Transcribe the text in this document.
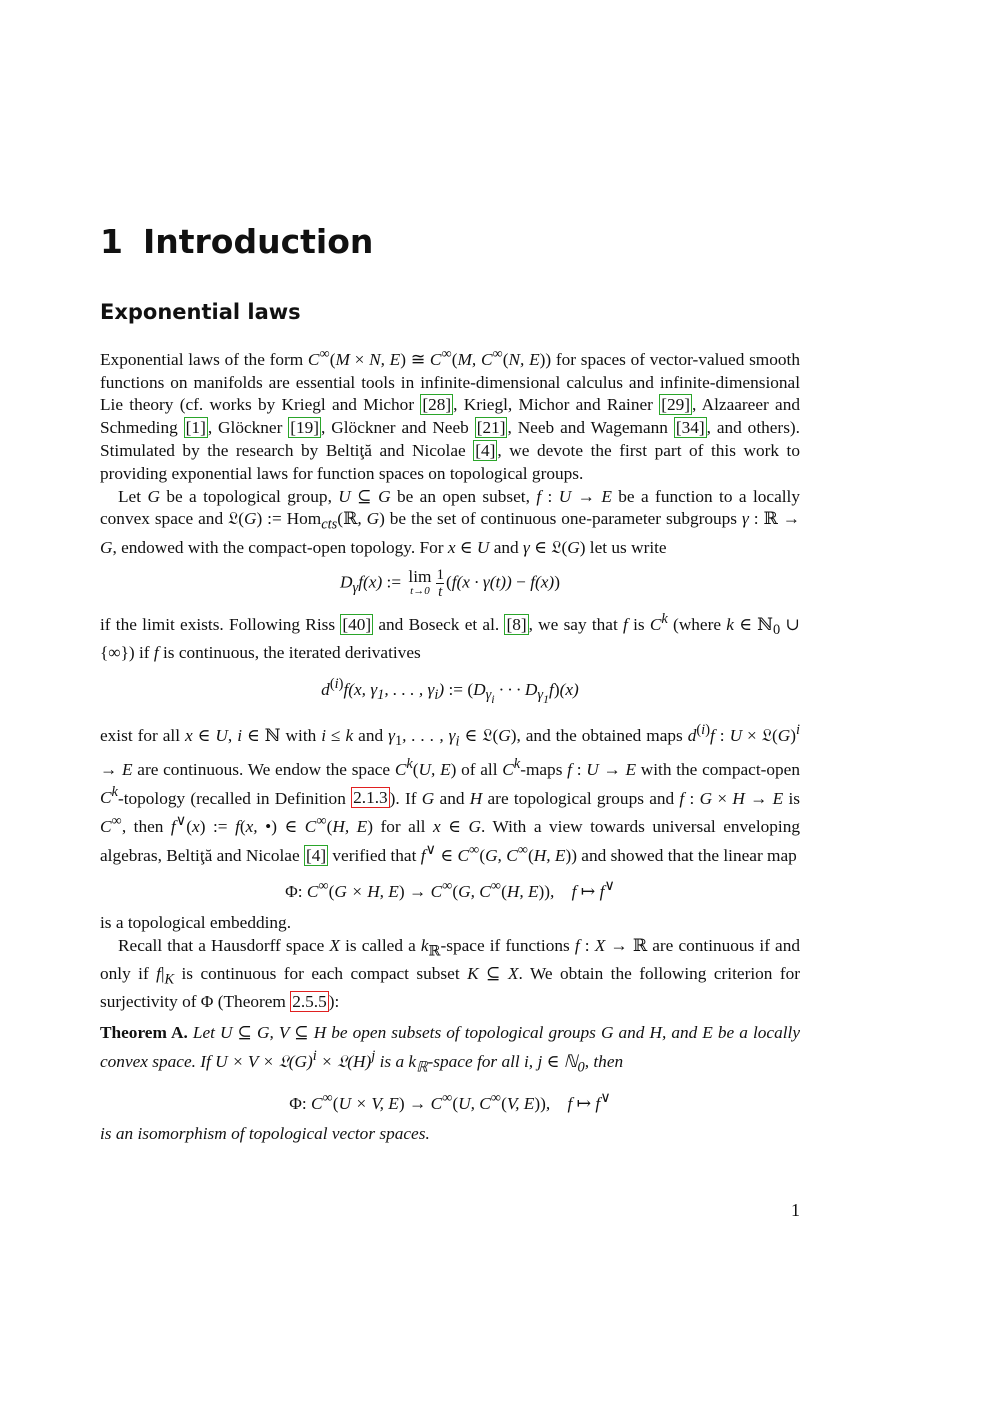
1 Introduction
Exponential laws

Exponential laws of the form C∞(M × N, E) ≅ C∞(M, C∞(N, E)) for spaces of vector-valued smooth functions on manifolds are essential tools in infinite-dimensional calculus and infinite-dimensional Lie theory (cf. works by Kriegl and Michor [28] , Kriegl, Michor and Rainer [29] , Alzaareer and Schmeding [1] , Glöckner [19] , Glöckner and Neeb [21] , Neeb and Wagemann [34] , and others). Stimulated by the research by Beltiţă and Nicolae [4] , we devote the first part of this work to providing exponential laws for function spaces on topological groups.

Let G be a topological group, U ⊆ G be an open subset, f : U → E be a function to a locally convex space and 𝔏(G) := Hom$_{cts}$(ℝ, G) be the set of continuous one-parameter subgroups γ : ℝ → G, endowed with the compact-open topology. For x ∈ U and γ ∈ 𝔏(G) let us write

$D_\gamma f(x)$ := lim
$t\to 0 \frac{1}{t} (f(x \cdot \gamma(t)) - f(x))$

if the limit exists. Following Riss [40] and Boseck et al. [8] , we say that f is $C^k$ (where k ∈ ℕ$_0$ ∪ {∞}) if f is continuous, the iterated derivatives

$d^{(i)}f(x$, $\gamma_1$, . . . , $\gamma_i$) := ($D_{\gamma_i}$ · · · $D_{\gamma_1}f)(x)$

exist for all x ∈ U, i ∈ ℕ with i ≤ k and $\gamma_1$, . . . , $\gamma_i$ ∈ 𝔏(G), and the obtained maps $d^{(i)}f$ : $U \times 𝔏(G)^i \to E$ are continuous. We endow the space $C^k(U$, E) of all $C^k$-maps f : U → E with the compact-open $C^k$-topology (recalled in Definition 2.1.3 ). If G and H are topological groups and f : G × H → E is C∞, then f∨(x) := f(x, •) ∈ C∞(H, E) for all x ∈ G. With a view towards universal enveloping algebras, Beltiţă and Nicolae [4] verified that f∨ ∈ C∞(G, C∞(H, E)) and showed that the linear map

Φ: C∞(G × H, E) → C∞(G, C∞(H, E)),    f ↦ f∨

is a topological embedding.

Recall that a Hausdorff space X is called a $k_ℝ$-space if functions f : X → ℝ are continuous if and only if $f|_K$ is continuous for each compact subset K ⊆ X. We obtain the following criterion for surjectivity of Φ (Theorem 2.5.5 ):

Theorem A. Let U ⊆ G, V ⊆ H be open subsets of topological groups G and H, and E be a locally convex space. If $U \times V \times 𝔏(G)^i$ × $𝔏(H)^j$ is a $k_ℝ$-space for all i, j ∈ ℕ$_0$, then

Φ: C∞(U × V, E) → C∞(U, C∞(V, E)),    f ↦ f∨

is an isomorphism of topological vector spaces.

1
